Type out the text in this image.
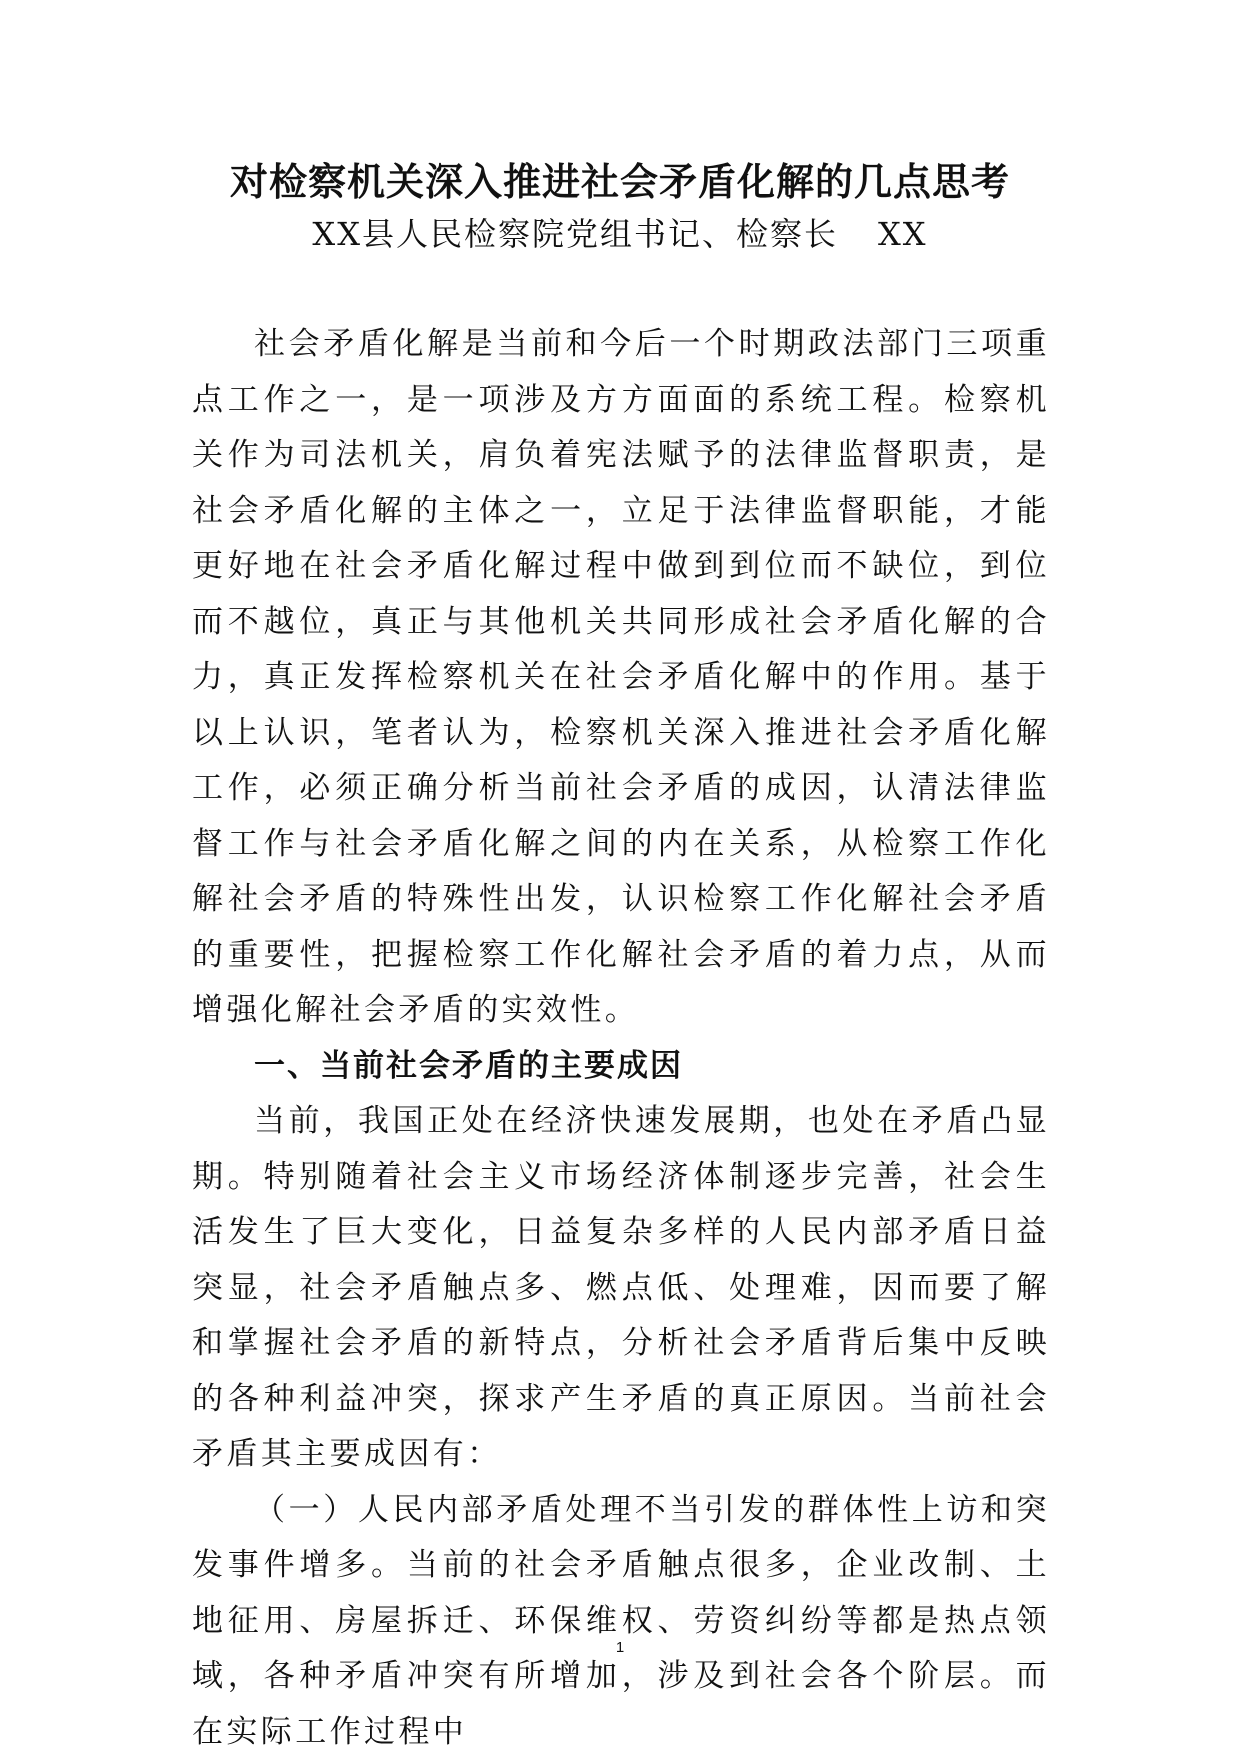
对检察机关深入推进社会矛盾化解的几点思考

XX县人民检察院党组书记、检察长 XX

社会矛盾化解是当前和今后一个时期政法部门三项重点工作之一，是一项涉及方方面面的系统工程。检察机关作为司法机关，肩负着宪法赋予的法律监督职责，是社会矛盾化解的主体之一，立足于法律监督职能，才能更好地在社会矛盾化解过程中做到到位而不缺位，到位而不越位，真正与其他机关共同形成社会矛盾化解的合力，真正发挥检察机关在社会矛盾化解中的作用。基于以上认识，笔者认为，检察机关深入推进社会矛盾化解工作，必须正确分析当前社会矛盾的成因，认清法律监督工作与社会矛盾化解之间的内在关系，从检察工作化解社会矛盾的特殊性出发，认识检察工作化解社会矛盾的重要性，把握检察工作化解社会矛盾的着力点，从而增强化解社会矛盾的实效性。

一、当前社会矛盾的主要成因

当前，我国正处在经济快速发展期，也处在矛盾凸显期。特别随着社会主义市场经济体制逐步完善，社会生活发生了巨大变化，日益复杂多样的人民内部矛盾日益突显，社会矛盾触点多、燃点低、处理难，因而要了解和掌握社会矛盾的新特点，分析社会矛盾背后集中反映的各种利益冲突，探求产生矛盾的真正原因。当前社会矛盾其主要成因有：

（一）人民内部矛盾处理不当引发的群体性上访和突发事件增多。当前的社会矛盾触点很多，企业改制、土地征用、房屋拆迁、环保维权、劳资纠纷等都是热点领域，各种矛盾冲突有所增加，涉及到社会各个阶层。而在实际工作过程中

1
